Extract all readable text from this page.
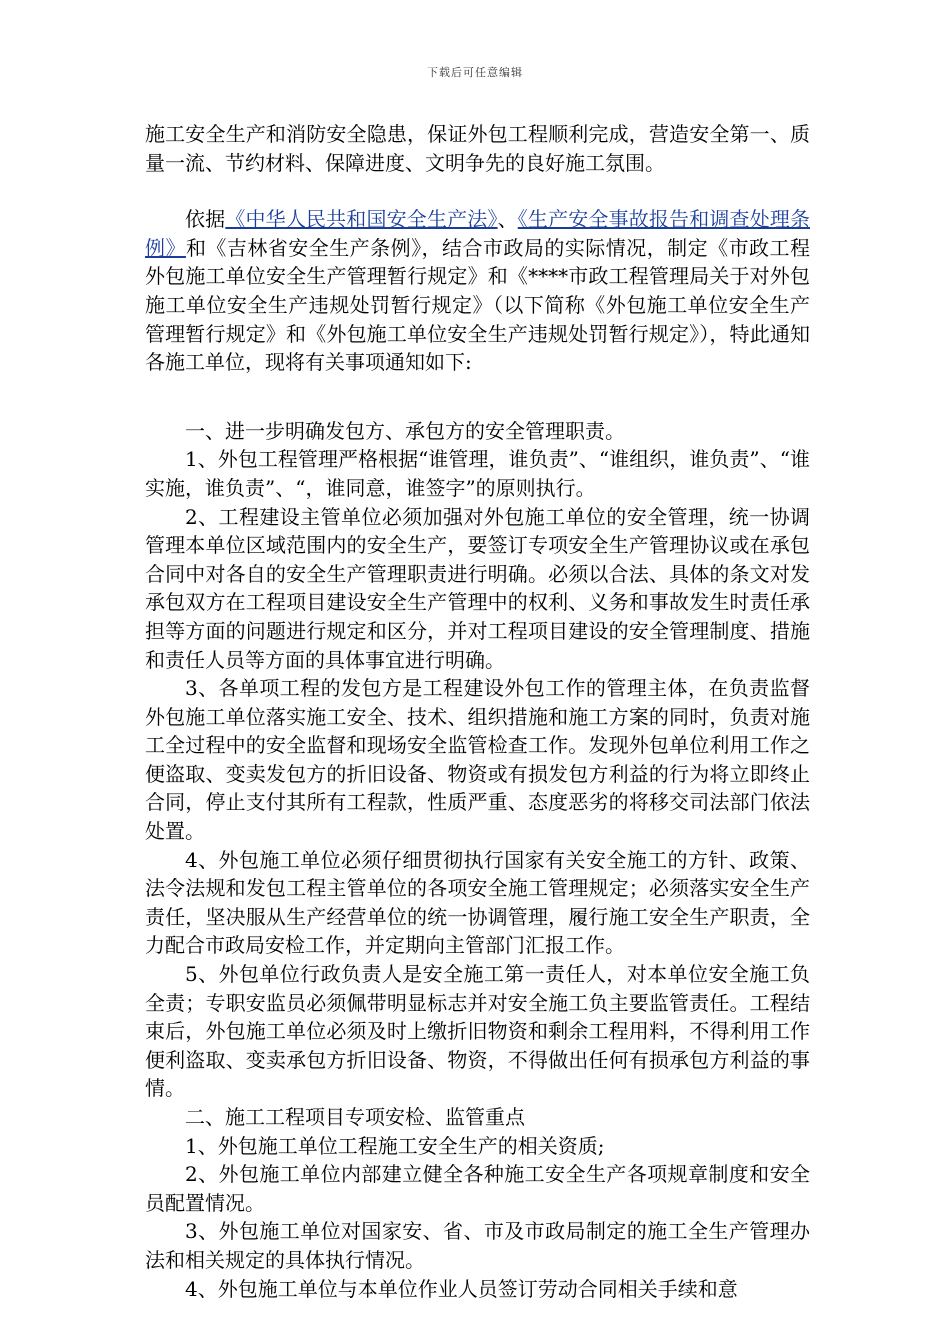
下载后可任意编辑

施工安全生产和消防安全隐患，保证外包工程顺利完成，营造安全第一、质量一流、节约材料、保障进度、文明争先的良好施工氛围。

依据《中华人民共和国安全生产法》、《生产安全事故报告和调查处理条例》和《吉林省安全生产条例》，结合市政局的实际情况，制定《市政工程外包施工单位安全生产管理暂行规定》和《****市政工程管理局关于对外包施工单位安全生产违规处罚暂行规定》（以下简称《外包施工单位安全生产管理暂行规定》和《外包施工单位安全生产违规处罚暂行规定》），特此通知各施工单位，现将有关事项通知如下:

一、进一步明确发包方、承包方的安全管理职责。

1、外包工程管理严格根据“谁管理，谁负责”、“谁组织，谁负责”、“谁实施，谁负责”、“，谁同意，谁签字”的原则执行。

2、工程建设主管单位必须加强对外包施工单位的安全管理，统一协调管理本单位区域范围内的安全生产，要签订专项安全生产管理协议或在承包合同中对各自的安全生产管理职责进行明确。必须以合法、具体的条文对发承包双方在工程项目建设安全生产管理中的权利、义务和事故发生时责任承担等方面的问题进行规定和区分，并对工程项目建设的安全管理制度、措施和责任人员等方面的具体事宜进行明确。

3、各单项工程的发包方是工程建设外包工作的管理主体，在负责监督外包施工单位落实施工安全、技术、组织措施和施工方案的同时，负责对施工全过程中的安全监督和现场安全监管检查工作。发现外包单位利用工作之便盗取、变卖发包方的折旧设备、物资或有损发包方利益的行为将立即终止合同，停止支付其所有工程款，性质严重、态度恶劣的将移交司法部门依法处置。

4、外包施工单位必须仔细贯彻执行国家有关安全施工的方针、政策、法令法规和发包工程主管单位的各项安全施工管理规定；必须落实安全生产责任，坚决服从生产经营单位的统一协调管理，履行施工安全生产职责，全力配合市政局安检工作，并定期向主管部门汇报工作。

5、外包单位行政负责人是安全施工第一责任人，对本单位安全施工负全责；专职安监员必须佩带明显标志并对安全施工负主要监管责任。工程结束后，外包施工单位必须及时上缴折旧物资和剩余工程用料，不得利用工作便利盗取、变卖承包方折旧设备、物资，不得做出任何有损承包方利益的事情。

二、施工工程项目专项安检、监管重点

1、外包施工单位工程施工安全生产的相关资质;

2、外包施工单位内部建立健全各种施工安全生产各项规章制度和安全员配置情况。

3、外包施工单位对国家安、省、市及市政局制定的施工全生产管理办法和相关规定的具体执行情况。

4、外包施工单位与本单位作业人员签订劳动合同相关手续和意
